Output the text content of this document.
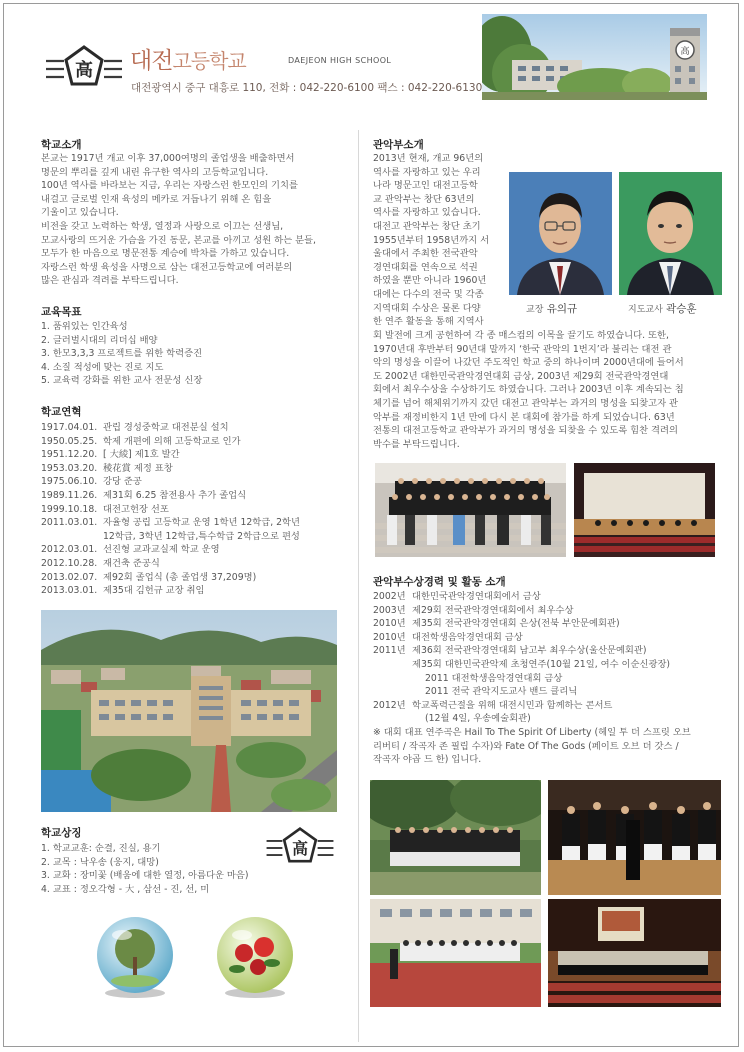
高 대전고등학교	DAEJEON HIGH SCHOOL
대전광역시 중구 대흥로 110, 전화 : 042-220-6100 팩스 : 042-220-6130
高
학교소개

본교는 1917년 개교 이후 37,000여명의 졸업생을 배출하면서

명문의 뿌리를 깊게 내린 유구한 역사의 고등학교입니다.

100년 역사를 바라보는 지금, 우리는 자랑스런 한모인의 기치를

내걸고 글로벌 인재 육성의 메카로 거듭나기 위해 온 힘을

기울이고 있습니다.

비전을 갖고 노력하는 학생, 열정과 사랑으로 이끄는 선생님,

모교사랑의 뜨거운 가슴을 가진 동문, 본교를 아끼고 성원 하는 분들,

모두가 한 마음으로 명문전통 계승에 박차를 가하고 있습니다.

자랑스런 학생 육성을 사명으로 삼는 대전고등학교에 여러분의

많은 관심과 격려를 부탁드립니다.

교육목표

1. 품위있는 인간육성

2. 글러벌시대의 리더십 배양

3. 한모3,3,3 프로젝트를 위한 학력증진

4. 소질 적성에 맞는 진로 지도

5. 교육력 강화를 위한 교사 전문성 신장

학교연혁
1917.04.01. 관립 경성중학교 대전분실 설치
1950.05.25. 학제 개편에 의해 고등학교로 인가
1951.12.20. [ 大綾] 제1호 발간
1953.03.20. 稜花賞 제정 표창
1975.06.10. 강당 준공
1989.11.26. 제31회 6.25 참전용사 추가 졸업식
1999.10.18. 대전고헌장 선포
2011.03.01. 자율형 공립 고등학교 운영 1학년 12학급, 2학년
12학급, 3학년 12학급,특수학급 2학급으로 편성
2012.03.01. 선진형 교과교실제 학교 운영
2012.10.28. 재건축 준공식
2013.02.07. 제92회 졸업식 (총 졸업생 37,209명)
2013.03.01. 제35대 김헌규 교장 취임
학교상징

1. 학교교훈: 순결, 진실, 용기

2. 교목 : 낙우송 (웅지, 대망)

3. 교화 : 장미꽃 (배움에 대한 열정, 아름다운 마음)

4. 교표 : 정오각형 - 大 , 삼선 - 진, 선, 미

高
관악부소개

2013년 현재, 개교 96년의

역사를 자랑하고 있는 우리

나라 명문고인 대전고등학

교 관악부는 창단 63년의

역사를 자랑하고 있습니다.

대전고 관악부는 창단 초기

1955년부터 1958년까지 서

울대에서 주최한 전국관악

경연대회를 연속으로 석권

하였을 뿐만 아니라 1960년

대에는 다수의 전국 및 각종

지역대회 수상은 물론 다양

한 연주 활동을 통해 지역사

회 발전에 크게 공헌하여 각 종 매스컴의 이목을 끌기도 하였습니다. 또한,

1970년대 후반부터 90년대 말까지 ‘한국 관악의 1번지’라 불리는 대전 관

악의 명성을 이끌어 나갔던 주도적인 학교 중의 하나이며 2000년대에 들어서

도 2002년 대한민국관악경연대회 금상, 2003년 제29회 전국관악경연대

회에서 최우수상을 수상하기도 하였습니다. 그러나 2003년 이후 계속되는 침

체기를 넘어 해체위기까지 갔던 대전고 관악부는 과거의 명성을 되찾고자 관

악부를 재정비한지 1년 만에 다시 본 대회에 참가를 하게 되었습니다. 63년

전통의 대전고등학교 관악부가 과거의 명성을 되찾을 수 있도록 힘찬 격려의

박수를 부탁드립니다.

교장 유의규	지도교사 곽승훈
관악부수상경력 및 활동 소개
2002년 대한민국관악경연대회에서 금상
2003년 제29회 전국관악경연대회에서 최우수상
2010년 제35회 전국관악경연대회 은상(전북 부안문예회관)
2010년 대전학생음악경연대회 금상
2011년 제36회 전국관악경연대회 남고부 최우수상(울산문예회관)
제35회 대한민국관악제 초청연주(10월 21일, 여수 이순신광장)
2011 대전학생음악경연대회 금상
2011 전국 관악지도교사 밴드 클리닉
2012년 학교폭력근절을 위해 대전시민과 함께하는 콘서트
(12월 4일, 우송예술회관)
※ 대회 대표 연주곡은 Hail To The Spirit Of Liberty (헤일 투 더 스프릿 오브
리버티 / 작곡자 존 필립 수자)와 Fate Of The Gods (페이트 오브 더 갓스 /
작곡자 야곱 드 한) 입니다.
